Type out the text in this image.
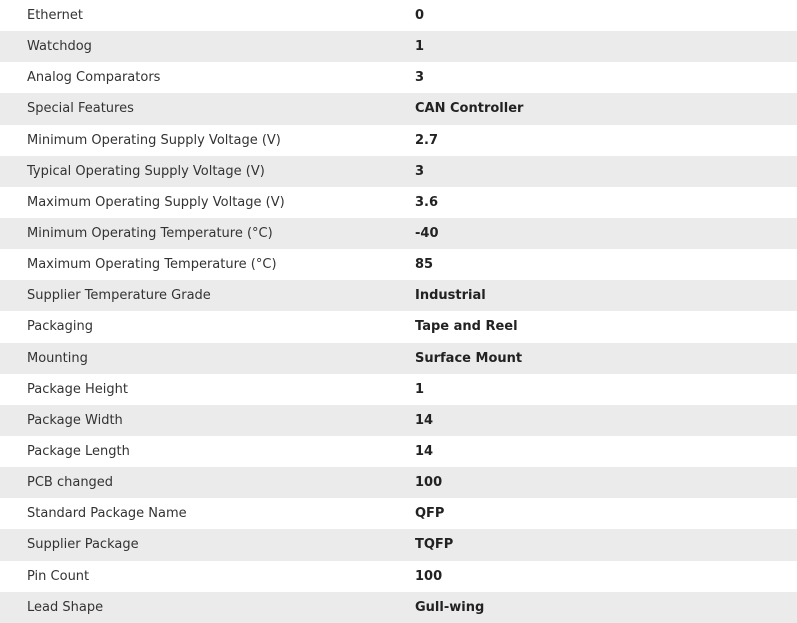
Ethernet	0
Watchdog	1
Analog Comparators	3
Special Features	CAN Controller
Minimum Operating Supply Voltage (V)	2.7
Typical Operating Supply Voltage (V)	3
Maximum Operating Supply Voltage (V)	3.6
Minimum Operating Temperature (°C)	-40
Maximum Operating Temperature (°C)	85
Supplier Temperature Grade	Industrial
Packaging	Tape and Reel
Mounting	Surface Mount
Package Height	1
Package Width	14
Package Length	14
PCB changed	100
Standard Package Name	QFP
Supplier Package	TQFP
Pin Count	100
Lead Shape	Gull-wing
